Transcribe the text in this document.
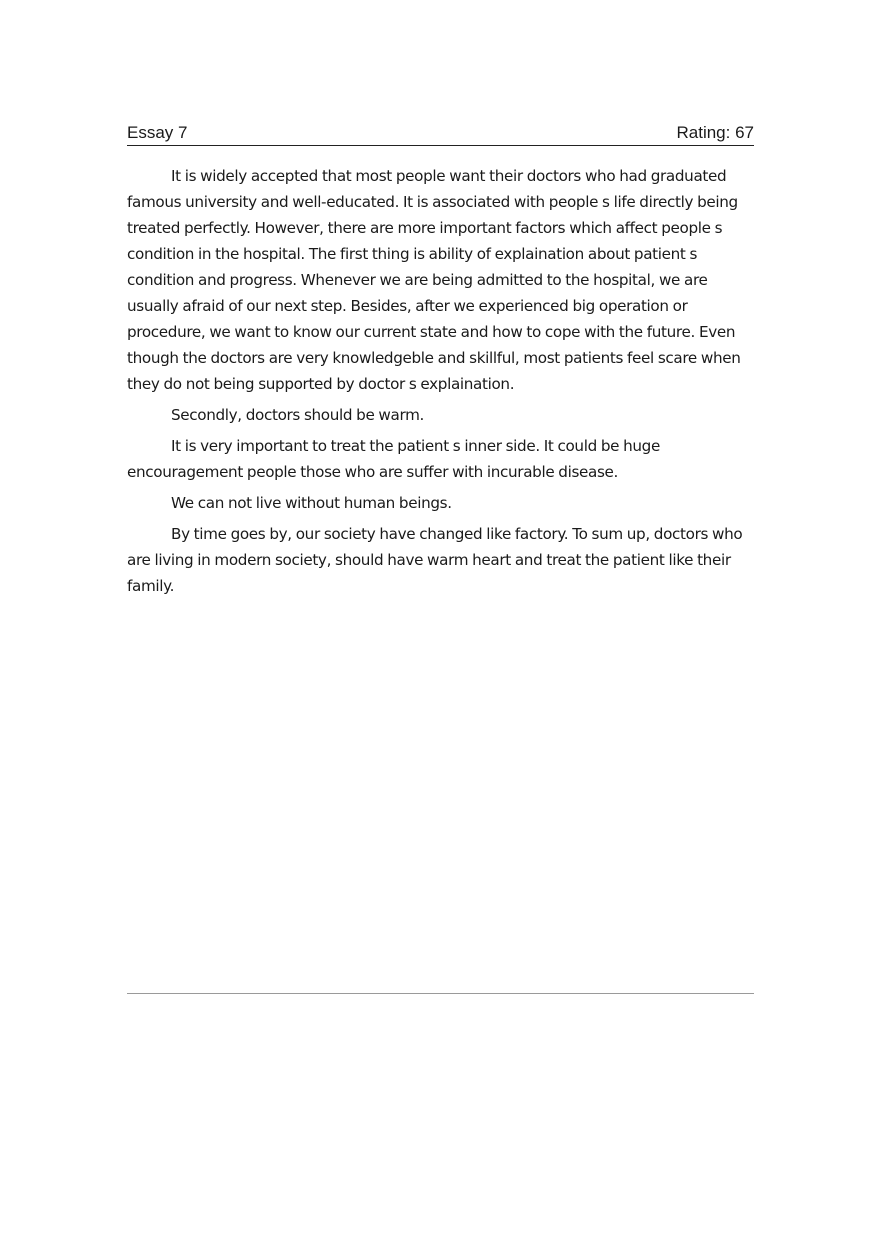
Essay 7	Rating: 67

It is widely accepted that most people want their doctors who had graduated famous university and well-educated. It is associated with people s life directly being treated perfectly. However, there are more important factors which affect people s condition in the hospital. The first thing is ability of explaination about patient s condition and progress. Whenever we are being admitted to the hospital, we are usually afraid of our next step. Besides, after we experienced big operation or procedure, we want to know our current state and how to cope with the future. Even though the doctors are very knowledgeble and skillful, most patients feel scare when they do not being supported by doctor s explaination.

Secondly, doctors should be warm.

It is very important to treat the patient s inner side. It could be huge encouragement people those who are suffer with incurable disease.

We can not live without human beings.

By time goes by, our society have changed like factory. To sum up, doctors who are living in modern society, should have warm heart and treat the patient like their family.
